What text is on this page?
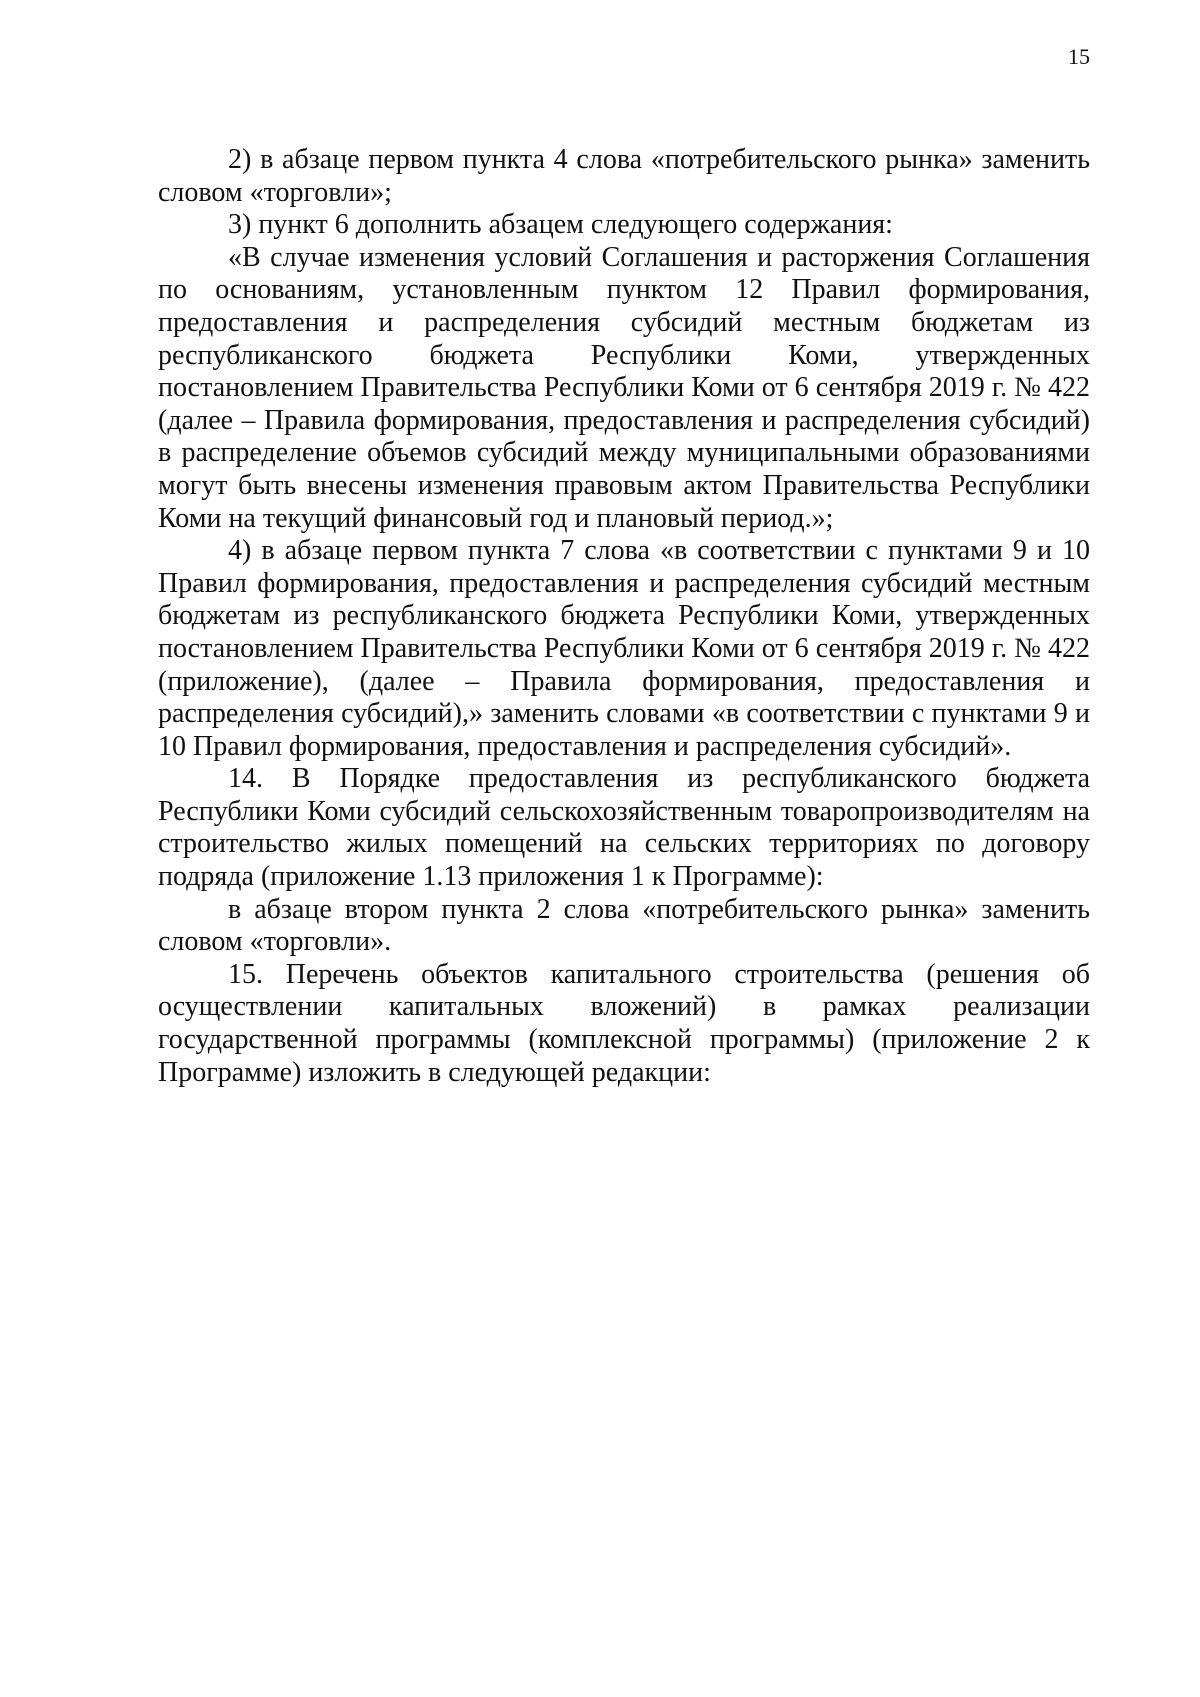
15

2) в абзаце первом пункта 4 слова «потребительского рынка» заменить словом «торговли»;

3) пункт 6 дополнить абзацем следующего содержания:

«В случае изменения условий Соглашения и расторжения Соглашения по основаниям, установленным пунктом 12 Правил формирования, предоставления и распределения субсидий местным бюджетам из республиканского бюджета Республики Коми, утвержденных постановлением Правительства Республики Коми от 6 сентября 2019 г. № 422 (далее – Правила формирования, предоставления и распределения субсидий) в распределение объемов субсидий между муниципальными образованиями могут быть внесены изменения правовым актом Правительства Республики Коми на текущий финансовый год и плановый период.»;

4) в абзаце первом пункта 7 слова «в соответствии с пунктами 9 и 10 Правил формирования, предоставления и распределения субсидий местным бюджетам из республиканского бюджета Республики Коми, утвержденных постановлением Правительства Республики Коми от 6 сентября 2019 г. № 422 (приложение), (далее – Правила формирования, предоставления и распределения субсидий),» заменить словами «в соответствии с пунктами 9 и 10 Правил формирования, предоставления и распределения субсидий».

14. В Порядке предоставления из республиканского бюджета Республики Коми субсидий сельскохозяйственным товаропроизводителям на строительство жилых помещений на сельских территориях по договору подряда (приложение 1.13 приложения 1 к Программе):

в абзаце втором пункта 2 слова «потребительского рынка» заменить словом «торговли».

15. Перечень объектов капитального строительства (решения об осуществлении капитальных вложений) в рамках реализации государственной программы (комплексной программы) (приложение 2 к Программе) изложить в следующей редакции:
